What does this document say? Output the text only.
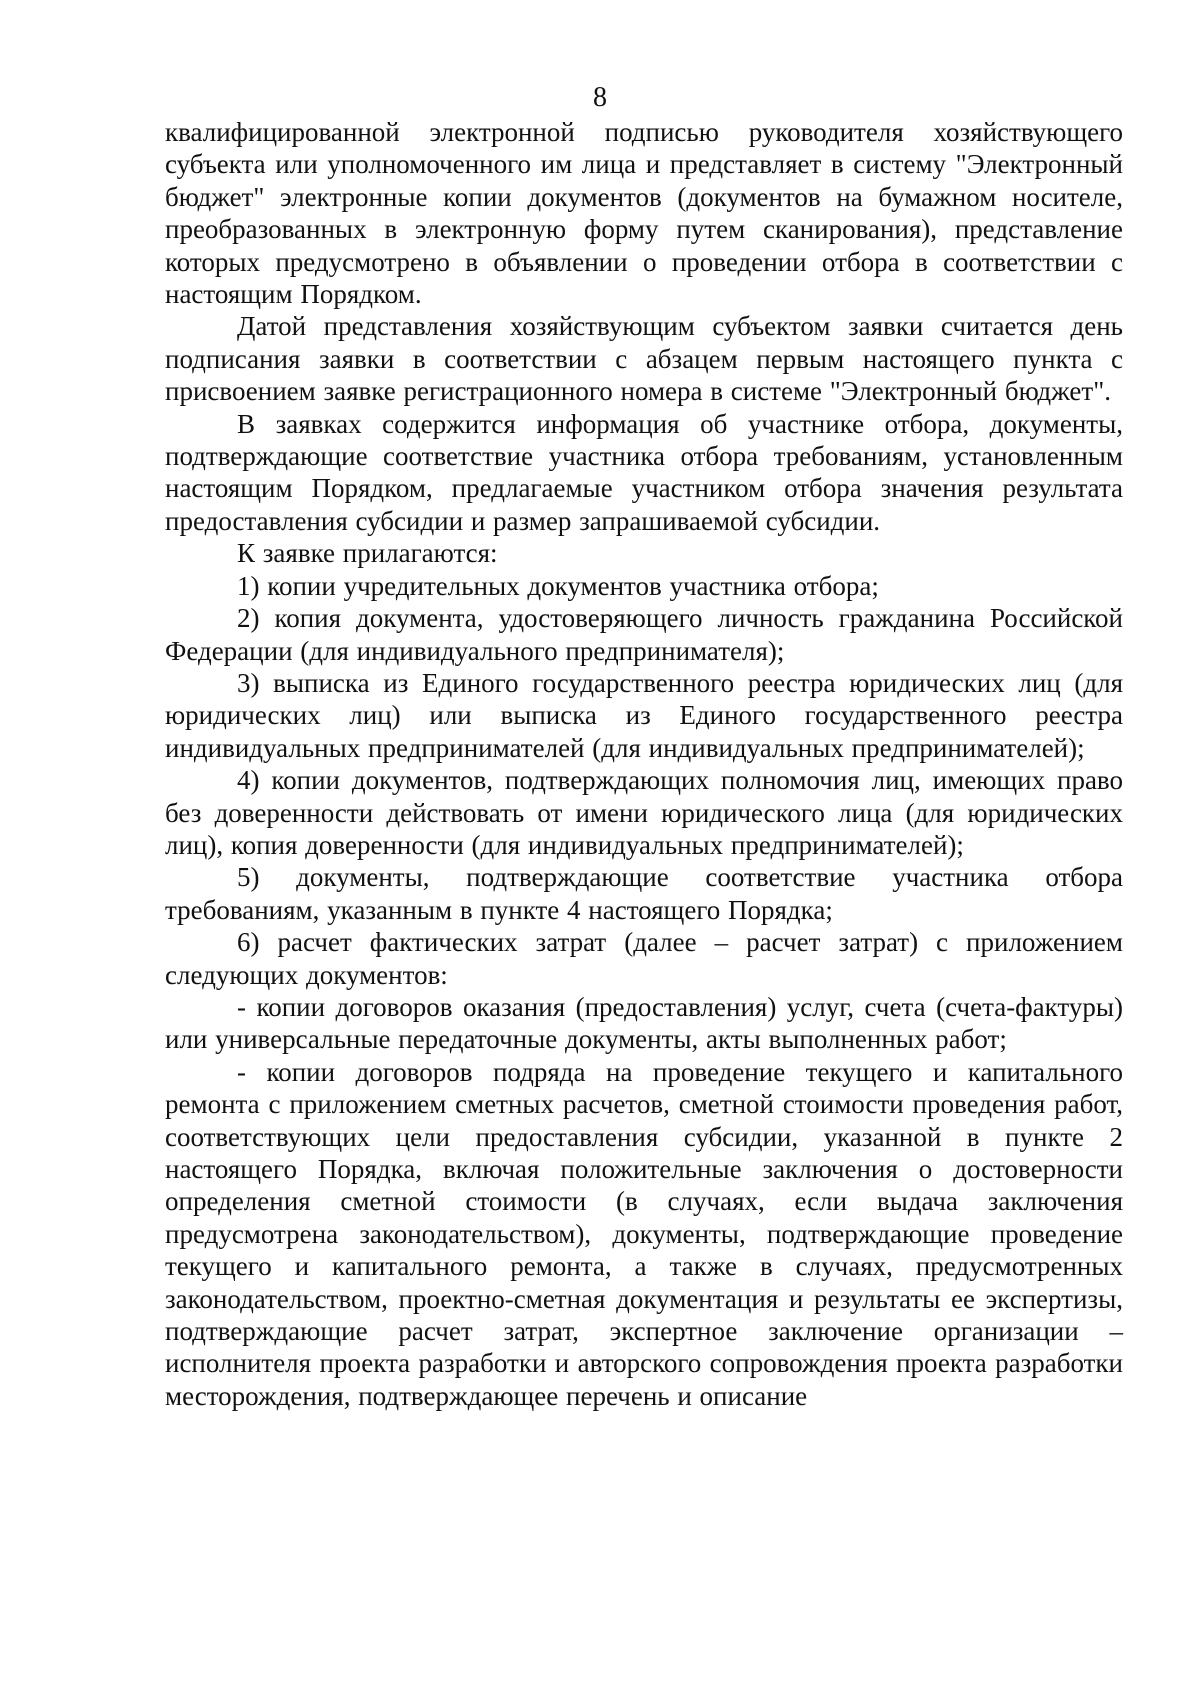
8

квалифицированной электронной подписью руководителя хозяйствующего субъекта или уполномоченного им лица и представляет в систему "Электронный бюджет" электронные копии документов (документов на бумажном носителе, преобразованных в электронную форму путем сканирования), представление которых предусмотрено в объявлении о проведении отбора в соответствии с настоящим Порядком.

Датой представления хозяйствующим субъектом заявки считается день подписания заявки в соответствии с абзацем первым настоящего пункта с присвоением заявке регистрационного номера в системе "Электронный бюджет".

В заявках содержится информация об участнике отбора, документы, подтверждающие соответствие участника отбора требованиям, установленным настоящим Порядком, предлагаемые участником отбора значения результата предоставления субсидии и размер запрашиваемой субсидии.

К заявке прилагаются:

1) копии учредительных документов участника отбора;

2) копия документа, удостоверяющего личность гражданина Российской Федерации (для индивидуального предпринимателя);

3) выписка из Единого государственного реестра юридических лиц (для юридических лиц) или выписка из Единого государственного реестра индивидуальных предпринимателей (для индивидуальных предпринимателей);

4) копии документов, подтверждающих полномочия лиц, имеющих право без доверенности действовать от имени юридического лица (для юридических лиц), копия доверенности (для индивидуальных предпринимателей);

5) документы, подтверждающие соответствие участника отбора требованиям, указанным в пункте 4 настоящего Порядка;

6) расчет фактических затрат (далее – расчет затрат) с приложением следующих документов:

- копии договоров оказания (предоставления) услуг, счета (счета-фактуры) или универсальные передаточные документы, акты выполненных работ;

- копии договоров подряда на проведение текущего и капитального ремонта с приложением сметных расчетов, сметной стоимости проведения работ, соответствующих цели предоставления субсидии, указанной в пункте 2 настоящего Порядка, включая положительные заключения о достоверности определения сметной стоимости (в случаях, если выдача заключения предусмотрена законодательством), документы, подтверждающие проведение текущего и капитального ремонта, а также в случаях, предусмотренных законодательством, проектно-сметная документация и результаты ее экспертизы, подтверждающие расчет затрат, экспертное заключение организации – исполнителя проекта разработки и авторского сопровождения проекта разработки месторождения, подтверждающее перечень и описание
